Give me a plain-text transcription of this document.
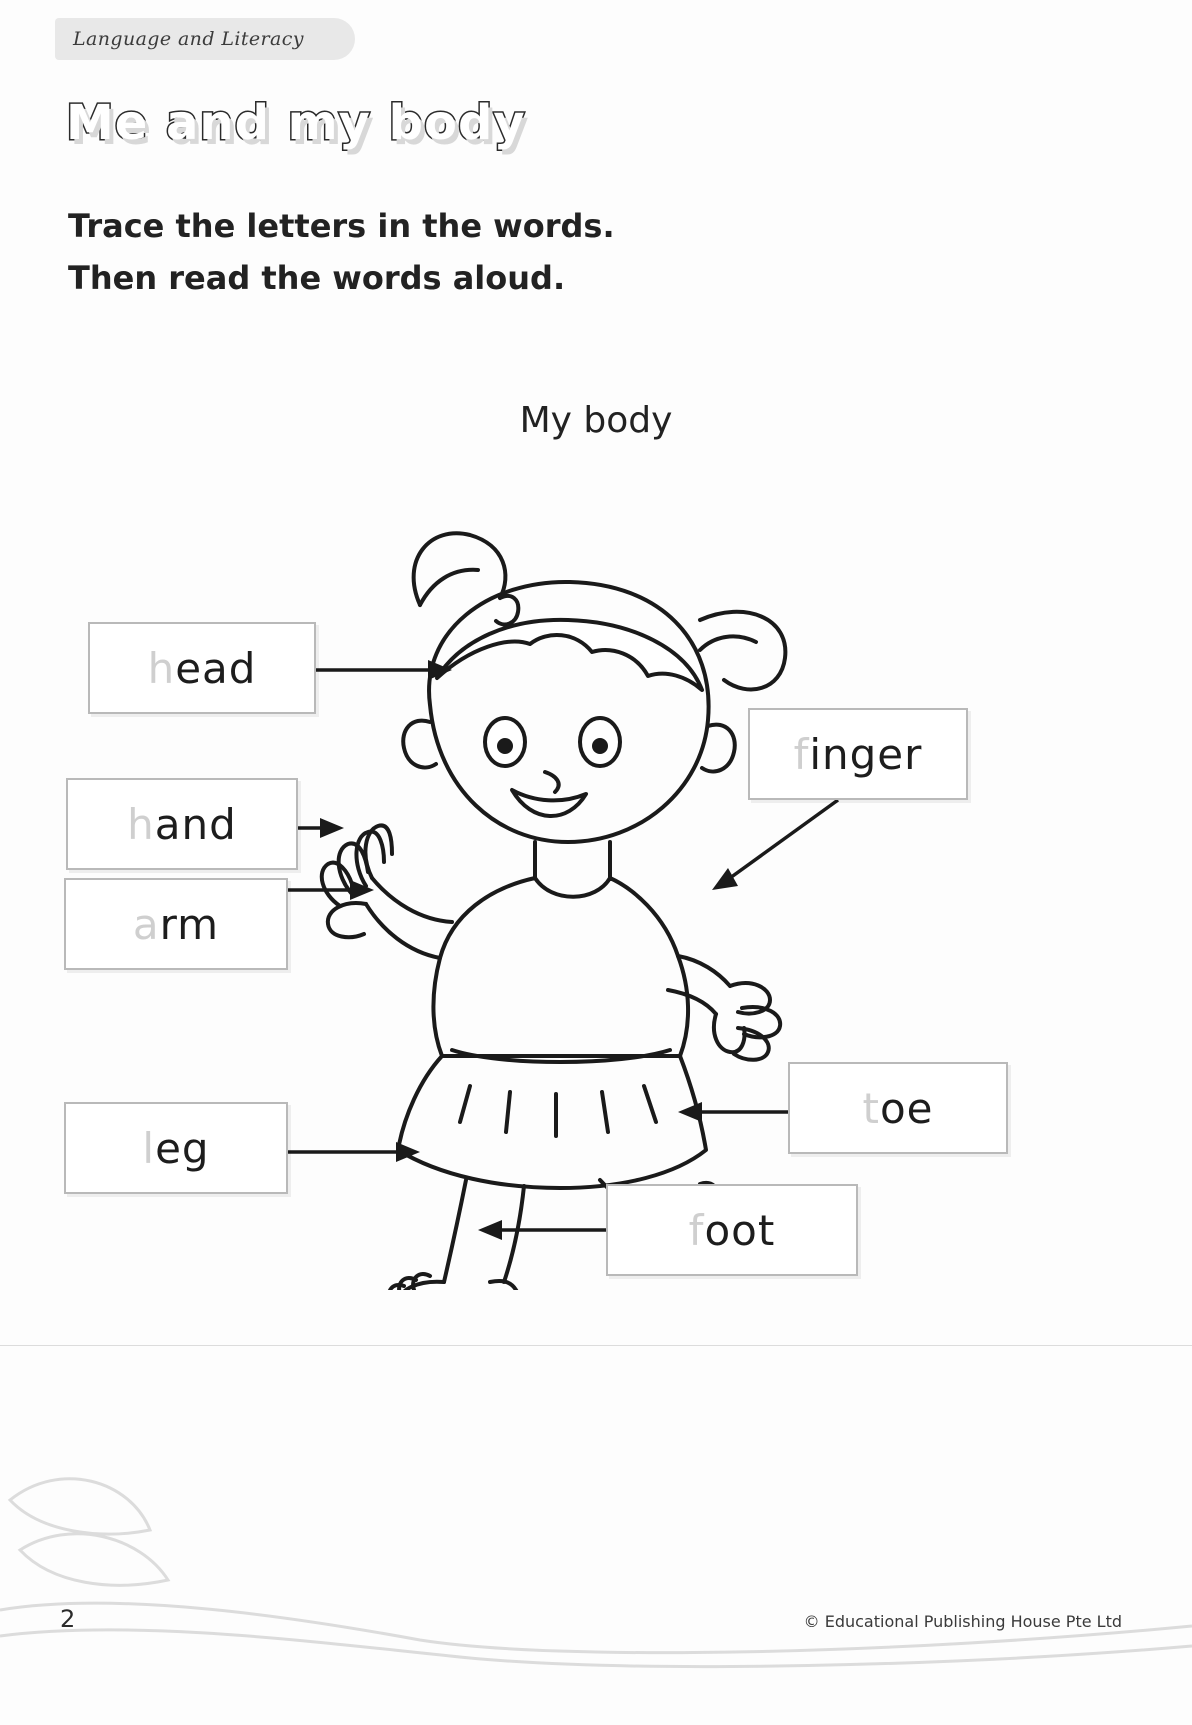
Language and Literacy
Me and my body
Trace the letters in the words.
Then read the words aloud.
My body
h ead
h and
a rm
l eg
f inger
t oe
f oot
2	© Educational Publishing House Pte Ltd
